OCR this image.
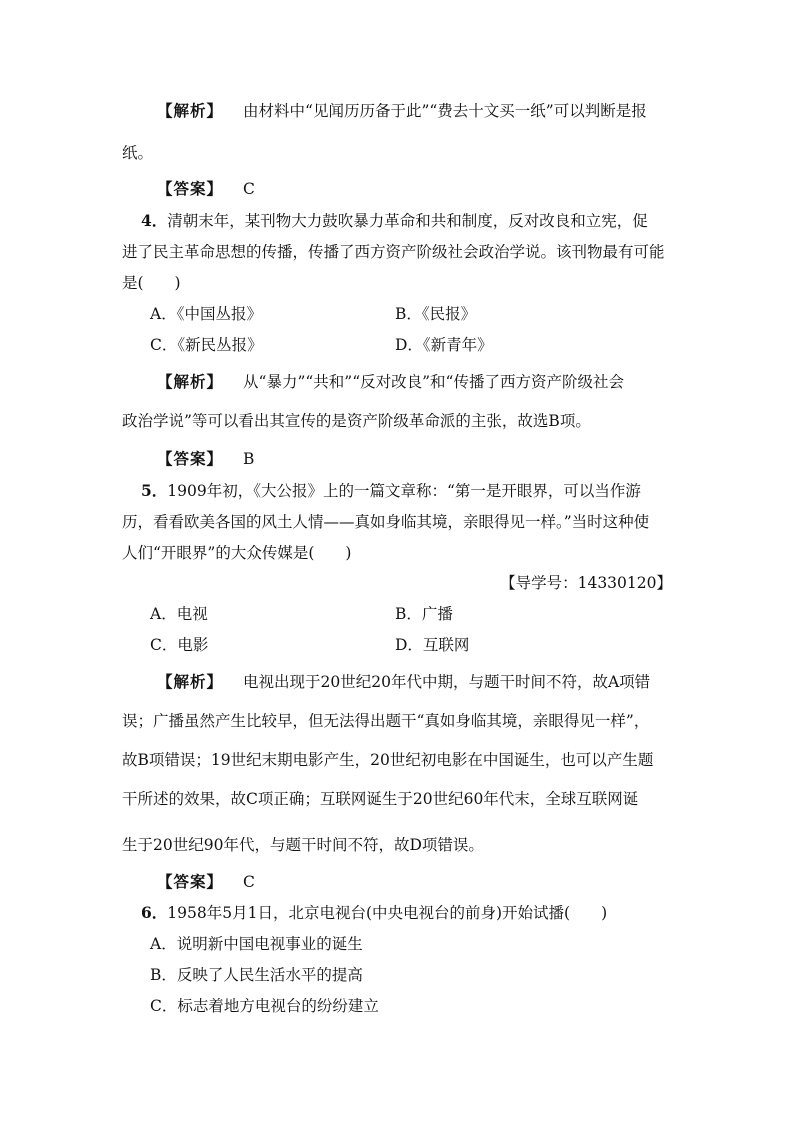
【解析】 由材料中“见闻历历备于此”“费去十文买一纸”可以判断是报
纸。
【答案】 C
4．清朝末年，某刊物大力鼓吹暴力革命和共和制度，反对改良和立宪，促
进了民主革命思想的传播，传播了西方资产阶级社会政治学说。该刊物最有可能
是(　　)
A．《中国丛报》	B．《民报》
C．《新民丛报》	D．《新青年》
【解析】 从“暴力”“共和”“反对改良”和“传播了西方资产阶级社会
政治学说”等可以看出其宣传的是资产阶级革命派的主张，故选B项。
【答案】 B
5．1909年初，《大公报》上的一篇文章称：“第一是开眼界，可以当作游
历，看看欧美各国的风土人情——真如身临其境，亲眼得见一样。”当时这种使
人们“开眼界”的大众传媒是(　　)
【导学号：14330120】
A．电视	B．广播
C．电影	D．互联网
【解析】 电视出现于20世纪20年代中期，与题干时间不符，故A项错
误；广播虽然产生比较早，但无法得出题干“真如身临其境，亲眼得见一样”，
故B项错误；19世纪末期电影产生，20世纪初电影在中国诞生，也可以产生题
干所述的效果，故C项正确；互联网诞生于20世纪60年代末，全球互联网诞
生于20世纪90年代，与题干时间不符，故D项错误。
【答案】 C
6．1958年5月1日，北京电视台(中央电视台的前身)开始试播(　　)
A．说明新中国电视事业的诞生
B．反映了人民生活水平的提高
C．标志着地方电视台的纷纷建立
